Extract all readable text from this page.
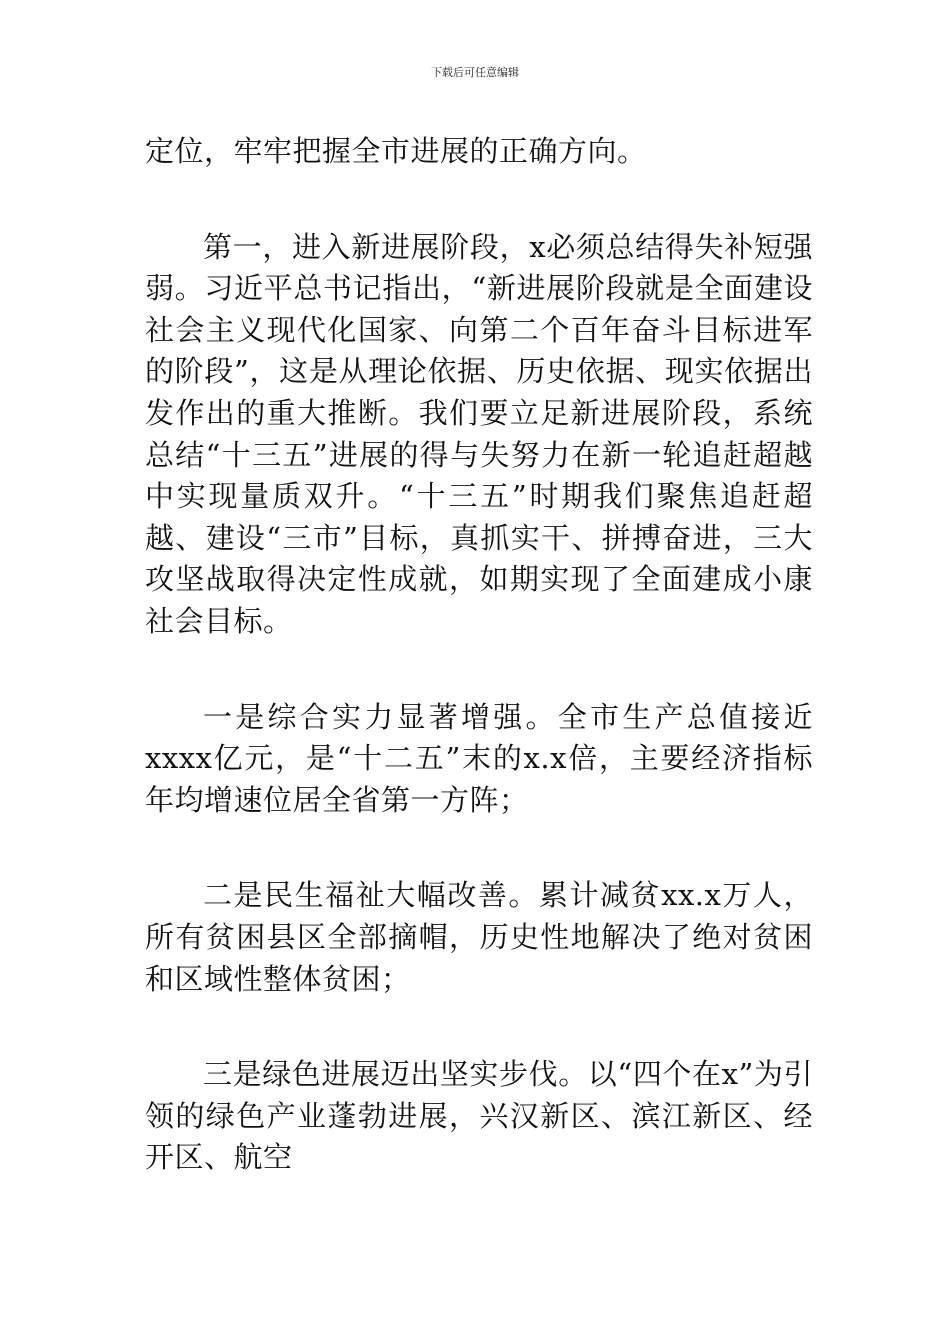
下载后可任意编辑

定位，牢牢把握全市进展的正确方向。

第一，进入新进展阶段，x必须总结得失补短强弱。习近平总书记指出，“新进展阶段就是全面建设社会主义现代化国家、向第二个百年奋斗目标进军的阶段”，这是从理论依据、历史依据、现实依据出发作出的重大推断。我们要立足新进展阶段，系统总结“十三五”进展的得与失努力在新一轮追赶超越中实现量质双升。“十三五”时期我们聚焦追赶超越、建设“三市”目标，真抓实干、拼搏奋进，三大攻坚战取得决定性成就，如期实现了全面建成小康社会目标。

一是综合实力显著增强。全市生产总值接近xxxx亿元，是“十二五”末的x.x倍，主要经济指标年均增速位居全省第一方阵；

二是民生福祉大幅改善。累计减贫xx.x万人，所有贫困县区全部摘帽，历史性地解决了绝对贫困和区域性整体贫困；

三是绿色进展迈出坚实步伐。以“四个在x”为引领的绿色产业蓬勃进展，兴汉新区、滨江新区、经开区、航空
